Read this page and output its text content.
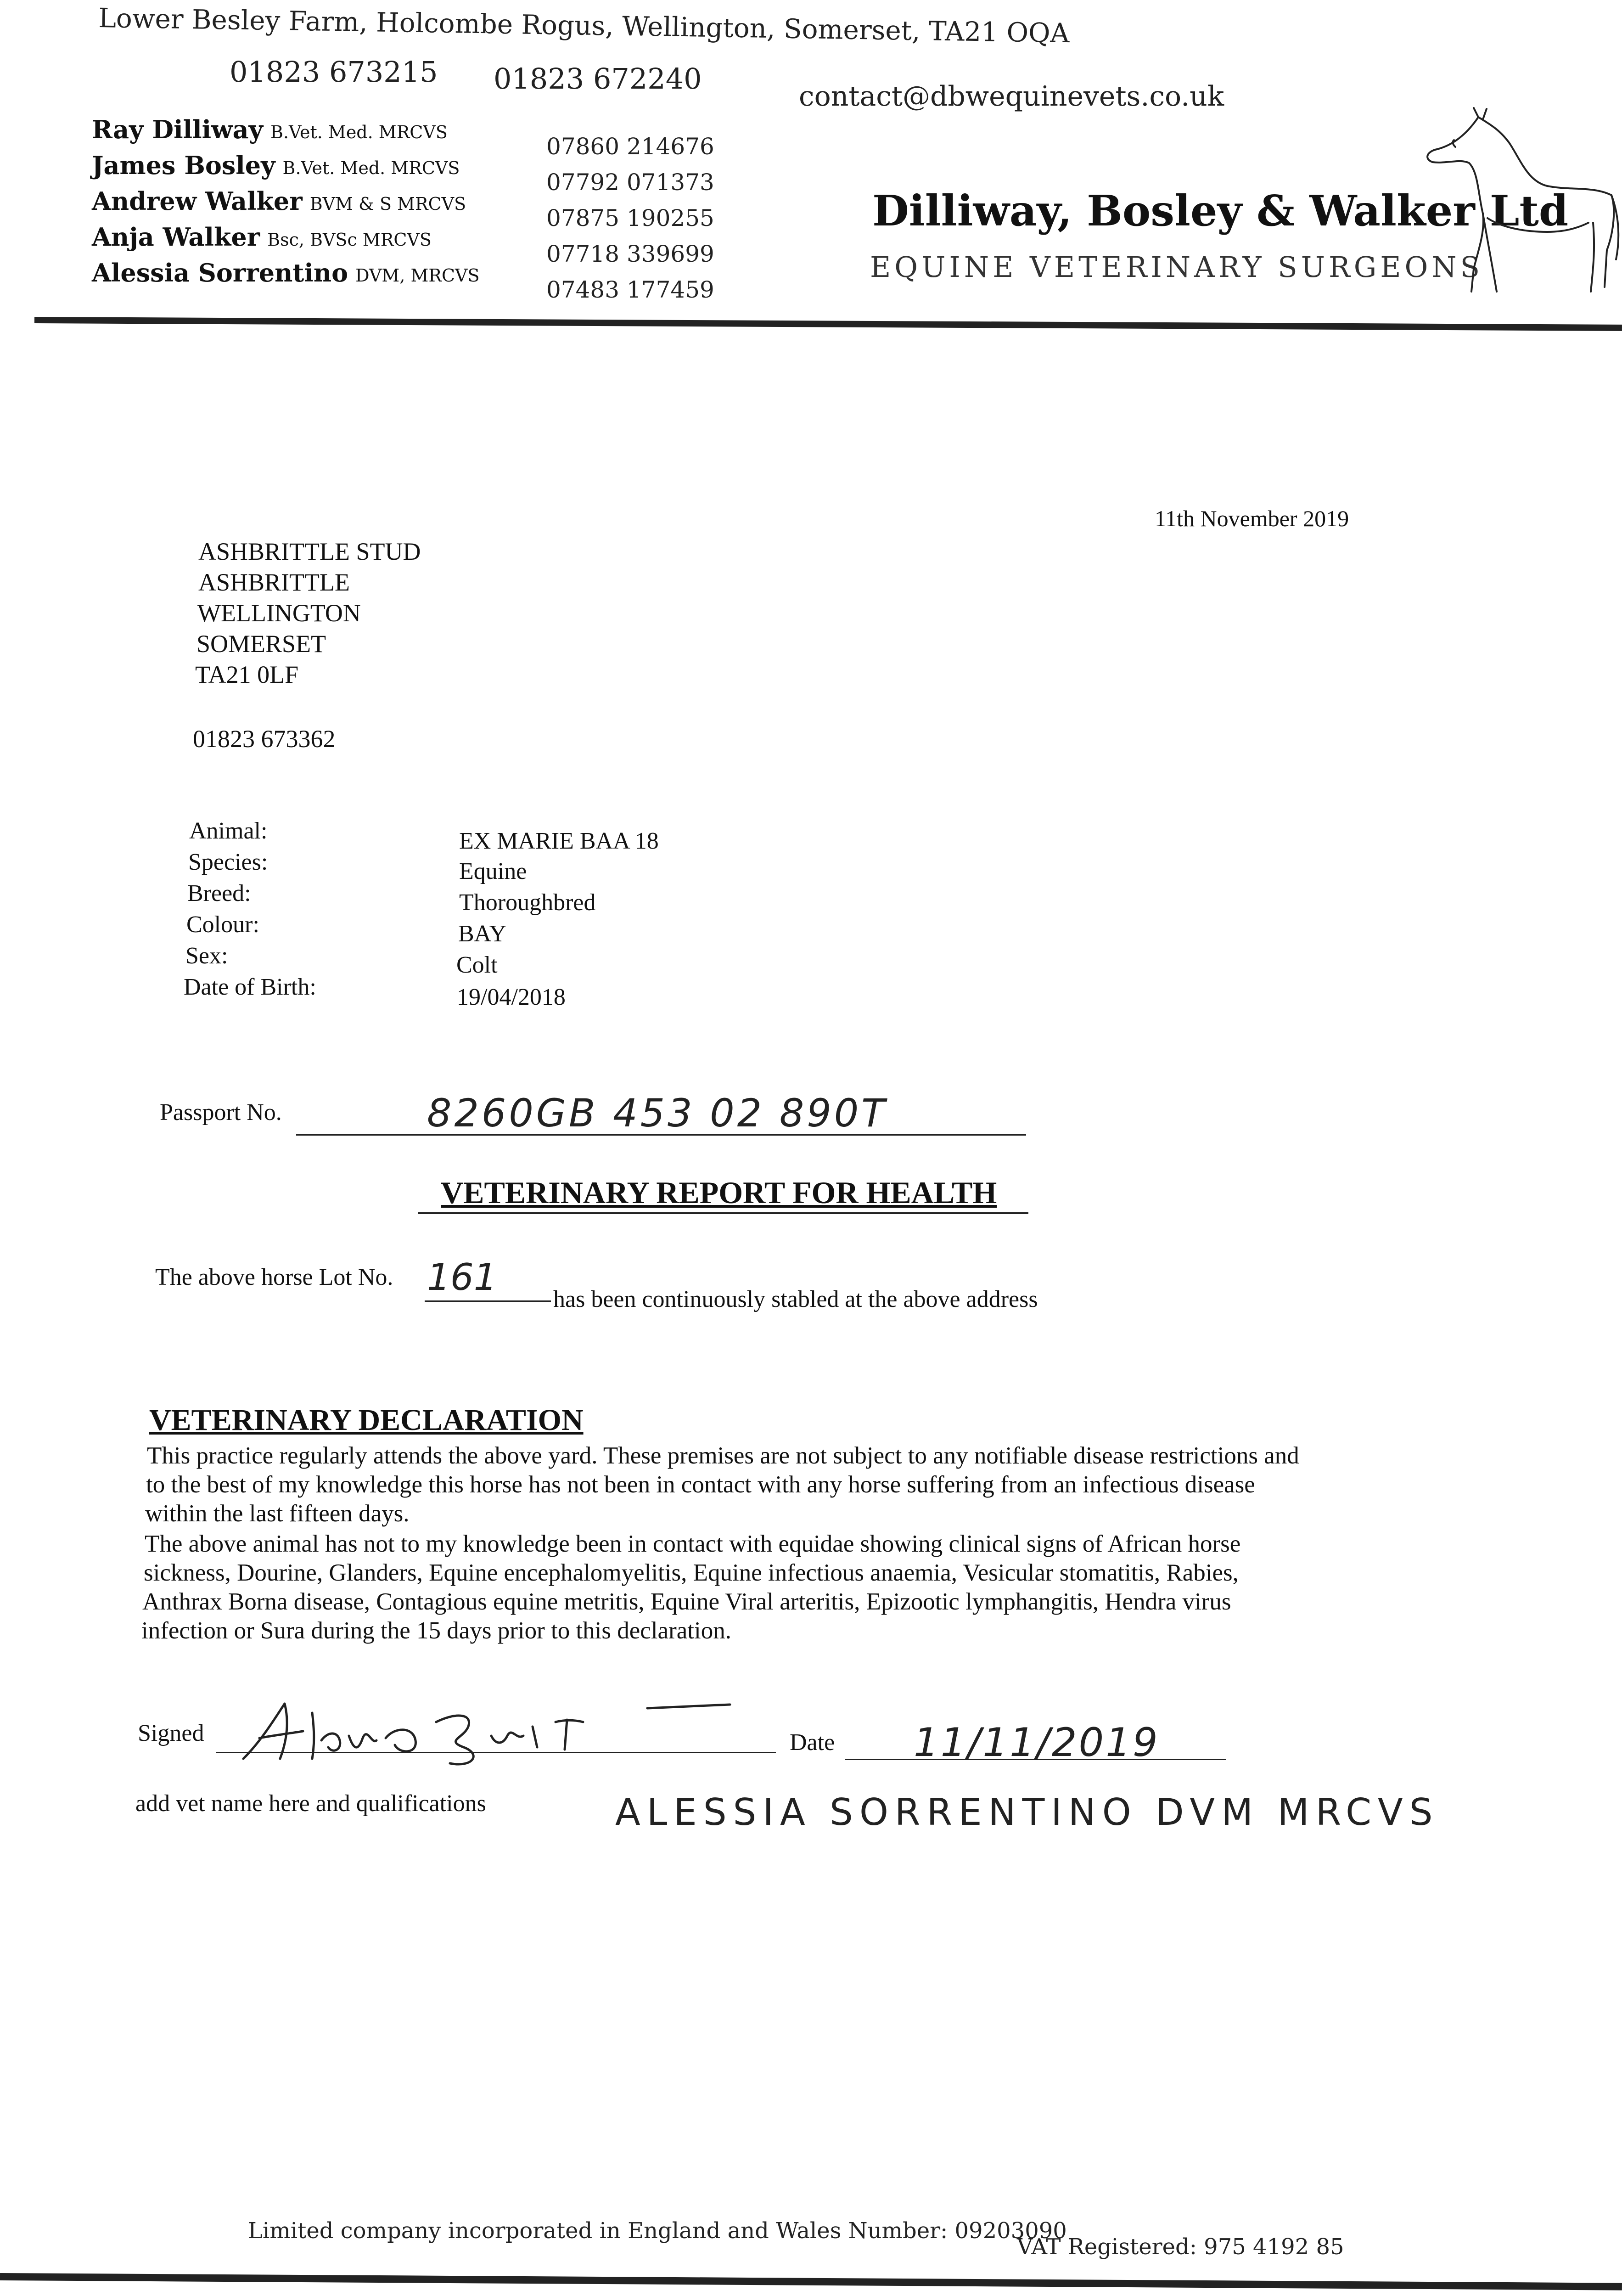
Lower Besley Farm, Holcombe Rogus, Wellington, Somerset, TA21 OQA
01823 673215 01823 672240
contact@dbwequinevets.co.uk
Ray Dilliway B.Vet. Med. MRCVS
James Bosley B.Vet. Med. MRCVS
Andrew Walker BVM & S MRCVS
Anja Walker Bsc, BVSc MRCVS
Alessia Sorrentino DVM, MRCVS
07860 214676
07792 071373
07875 190255
07718 339699
07483 177459
Dilliway, Bosley & Walker Ltd
EQUINE VETERINARY SURGEONS
11th November 2019
ASHBRITTLE STUD
ASHBRITTLE
WELLINGTON
SOMERSET
TA21 0LF
01823 673362
Animal:	EX MARIE BAA 18
Species:	Equine
Breed:	Thoroughbred
Colour:	BAY
Sex:	Colt
Date of Birth:	19/04/2018
Passport No.	8260GB 453 02 890T
VETERINARY REPORT FOR HEALTH
The above horse Lot No. 161
has been continuously stabled at the above address
VETERINARY DECLARATION
This practice regularly attends the above yard. These premises are not subject to any notifiable disease restrictions and
to the best of my knowledge this horse has not been in contact with any horse suffering from an infectious disease
within the last fifteen days.
The above animal has not to my knowledge been in contact with equidae showing clinical signs of African horse
sickness, Dourine, Glanders, Equine encephalomyelitis, Equine infectious anaemia, Vesicular stomatitis, Rabies,
Anthrax Borna disease, Contagious equine metritis, Equine Viral arteritis, Epizootic lymphangitis, Hendra virus
infection or Sura during the 15 days prior to this declaration.
Signed	Date 11/11/2019
add vet name here and qualifications	ALESSIA SORRENTINO DVM MRCVS
Limited company incorporated in England and Wales Number: 09203090
VAT Registered: 975 4192 85
